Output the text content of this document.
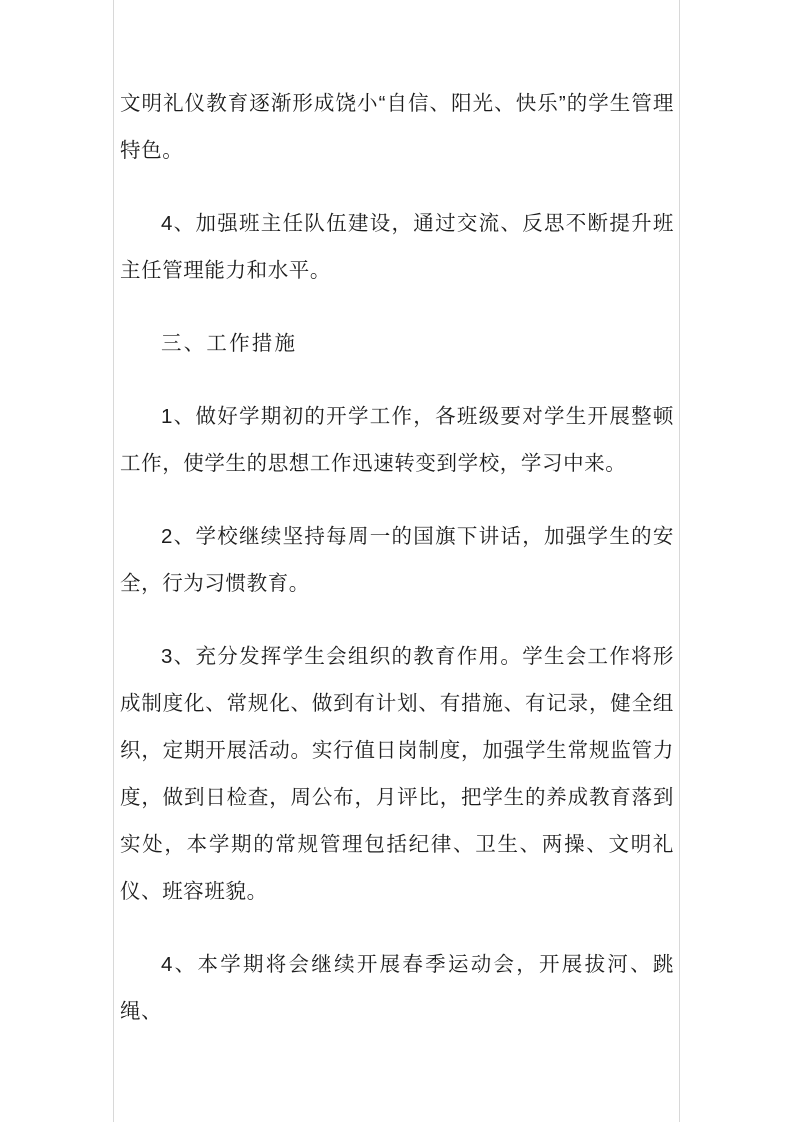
文明礼仪教育逐渐形成饶小“自信、阳光、快乐”的学生管理特色。

4、加强班主任队伍建设，通过交流、反思不断提升班主任管理能力和水平。

三、工作措施

1、做好学期初的开学工作，各班级要对学生开展整顿工作，使学生的思想工作迅速转变到学校，学习中来。

2、学校继续坚持每周一的国旗下讲话，加强学生的安全，行为习惯教育。

3、充分发挥学生会组织的教育作用。学生会工作将形成制度化、常规化、做到有计划、有措施、有记录，健全组织，定期开展活动。实行值日岗制度，加强学生常规监管力度，做到日检查，周公布，月评比，把学生的养成教育落到实处，本学期的常规管理包括纪律、卫生、两操、文明礼仪、班容班貌。

4、本学期将会继续开展春季运动会，开展拔河、跳绳、
